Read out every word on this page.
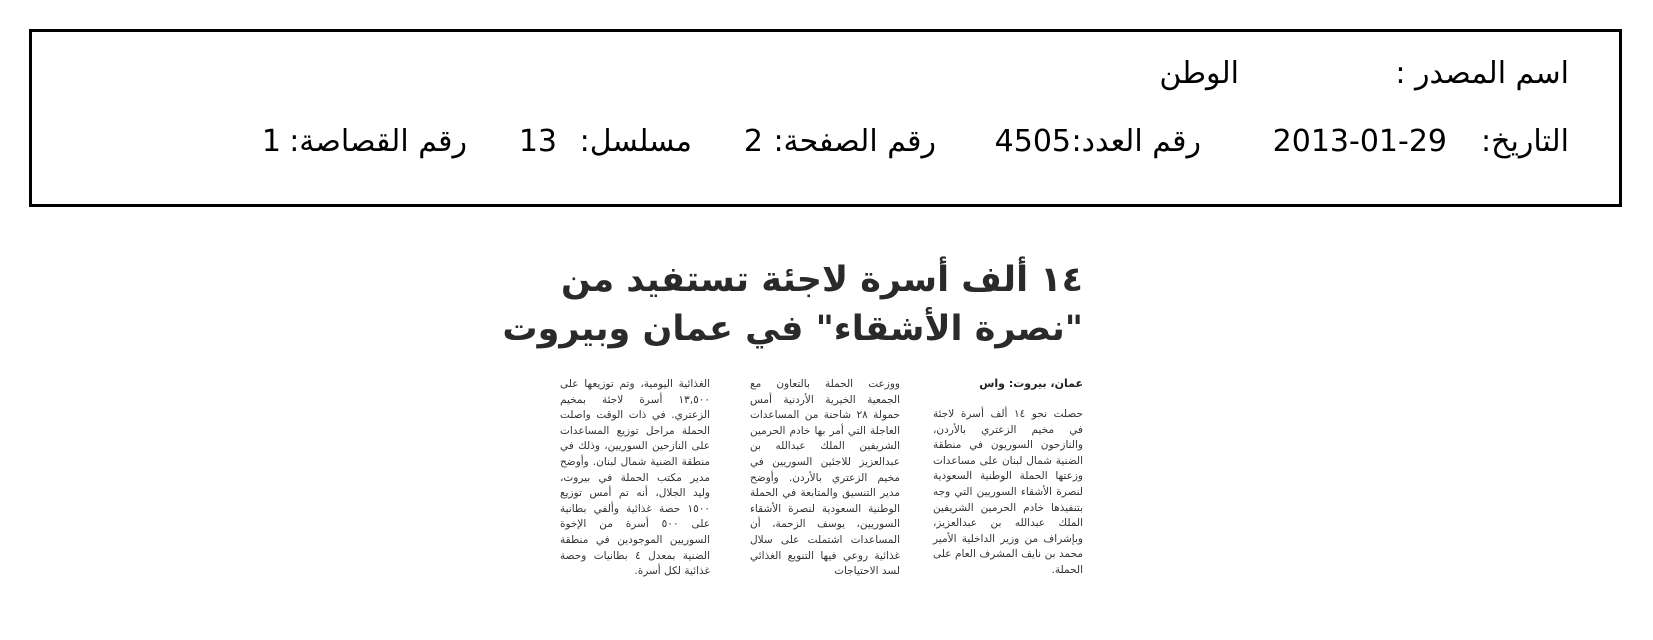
اسم المصدر :
الوطن
التاريخ:
2013-01-29
رقم العدد:
4505
رقم الصفحة:
2
مسلسل:
13
رقم القصاصة:
1
١٤ ألف أسرة لاجئة تستفيد من
"نصرة الأشقاء" في عمان وبيروت
عمان، بيروت: واس
حصلت نحو ١٤ ألف أسرة لاجئة في مخيم الزعتري بالأردن، والنازحون السوريون في منطقة الضنية شمال لبنان على مساعدات وزعتها الحملة الوطنية السعودية لنصرة الأشقاء السوريين التي وجه بتنفيذها خادم الحرمين الشريفين الملك عبدالله بن عبدالعزيز، وبإشراف من وزير الداخلية الأمير محمد بن نايف المشرف العام على الحملة.
ووزعت الحملة بالتعاون مع الجمعية الخيرية الأردنية أمس حمولة ٢٨ شاحنة من المساعدات العاجلة التي أمر بها خادم الحرمين الشريفين الملك عبدالله بن عبدالعزيز للاجئين السوريين في مخيم الزعتري بالأردن. وأوضح مدير التنسيق والمتابعة في الحملة الوطنية السعودية لنصرة الأشقاء السوريين، يوسف الزحمة، أن المساعدات اشتملت على سلال غذائية روعي فيها التنويع الغذائي لسد الاحتياجات
الغذائية اليومية، وتم توزيعها على ١٣,٥٠٠ أسرة لاجئة بمخيم الزعتري. في ذات الوقت واصلت الحملة مراحل توزيع المساعدات على النازحين السوريين، وذلك في منطقة الضنية شمال لبنان. وأوضح مدير مكتب الحملة في بيروت، وليد الجلال، أنه تم أمس توزيع ١٥٠٠ حصة غذائية وألفي بطانية على ٥٠٠ أسرة من الإخوة السوريين الموجودين في منطقة الضنية بمعدل ٤ بطانيات وحصة غذائية لكل أسرة.
